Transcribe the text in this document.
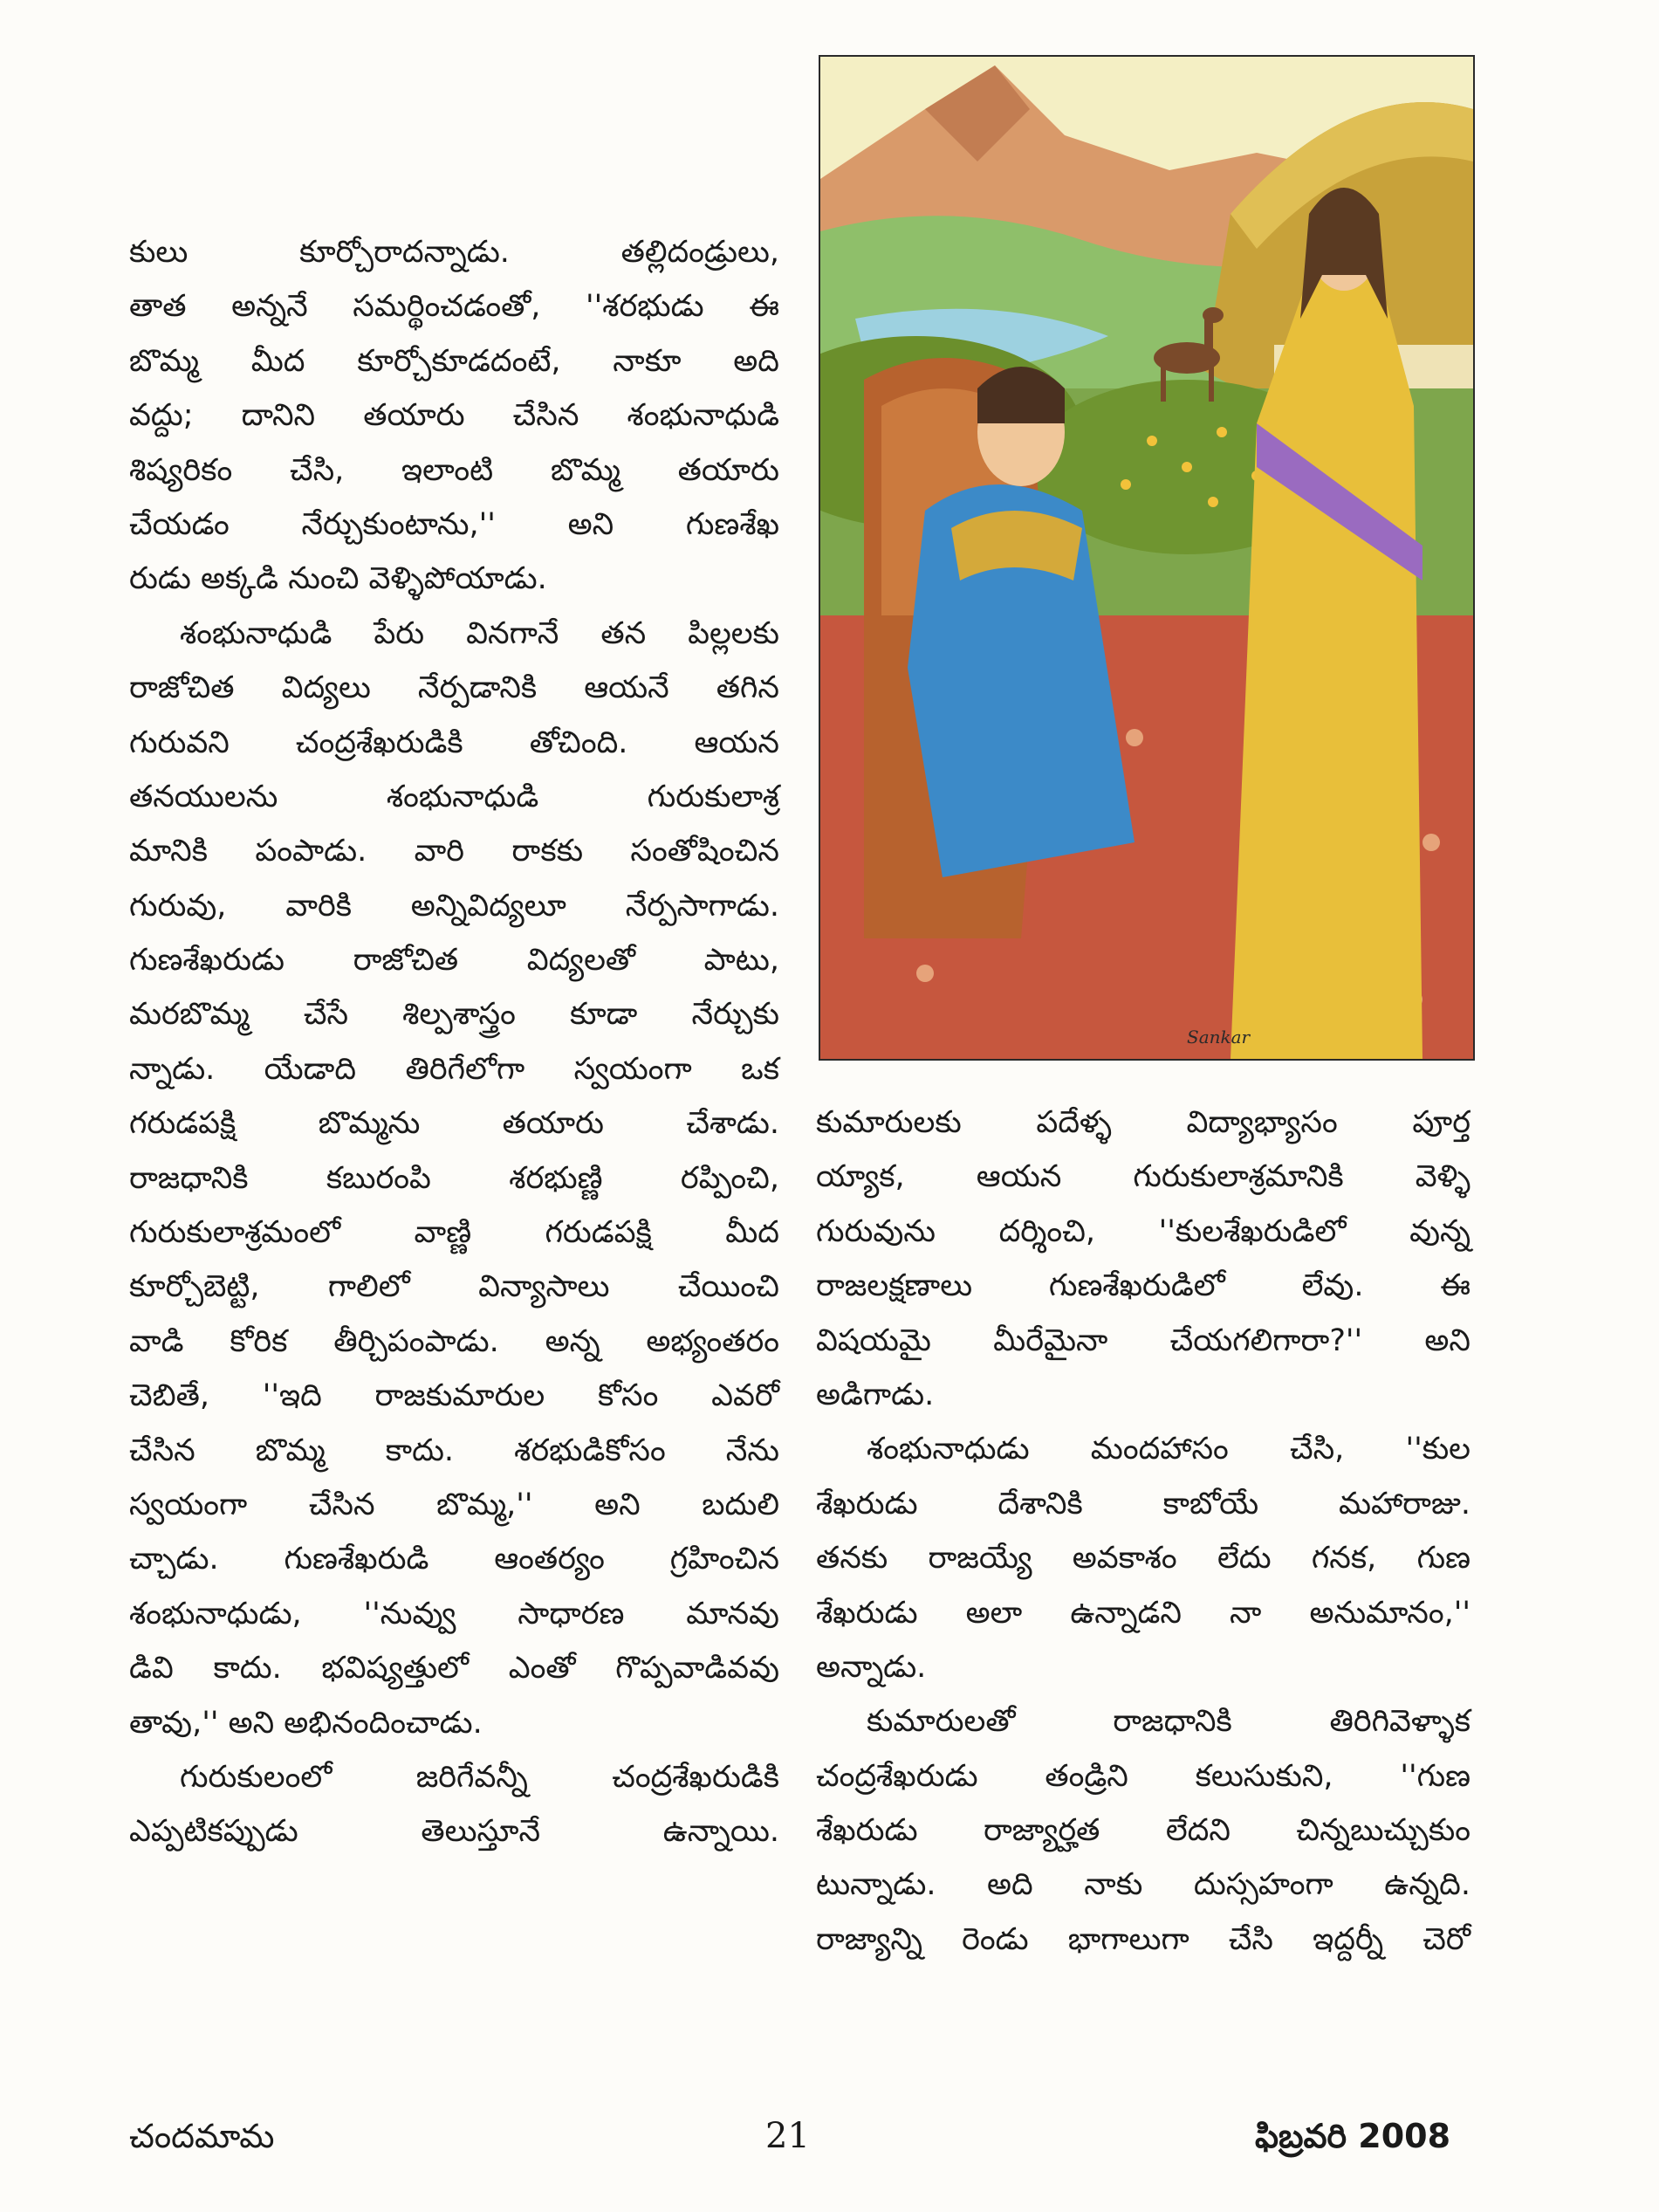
కులు కూర్చోరాదన్నాడు. తల్లిదండ్రులు,
తాత అన్ననే సమర్థించడంతో, ''శరభుడు ఈ
బొమ్మ మీద కూర్చోకూడదంటే, నాకూ అది
వద్దు; దానిని తయారు చేసిన శంభునాధుడి
శిష్యరికం చేసి, ఇలాంటి బొమ్మ తయారు
చేయడం నేర్చుకుంటాను,'' అని గుణశేఖ
రుడు అక్కడి నుంచి వెళ్ళిపోయాడు.
శంభునాధుడి పేరు వినగానే తన పిల్లలకు
రాజోచిత విద్యలు నేర్పడానికి ఆయనే తగిన
గురువని చంద్రశేఖరుడికి తోచింది. ఆయన
తనయులను శంభునాధుడి గురుకులాశ్ర
మానికి పంపాడు. వారి రాకకు సంతోషించిన
గురువు, వారికి అన్నివిద్యలూ నేర్పసాగాడు.
గుణశేఖరుడు రాజోచిత విద్యలతో పాటు,
మరబొమ్మ చేసే శిల్పశాస్త్రం కూడా నేర్చుకు
న్నాడు. యేడాది తిరిగేలోగా స్వయంగా ఒక
గరుడపక్షి బొమ్మను తయారు చేశాడు.
రాజధానికి కబురంపి శరభుణ్ణి రప్పించి,
గురుకులాశ్రమంలో వాణ్ణి గరుడపక్షి మీద
కూర్చోబెట్టి, గాలిలో విన్యాసాలు చేయించి
వాడి కోరిక తీర్చిపంపాడు. అన్న అభ్యంతరం
చెబితే, ''ఇది రాజకుమారుల కోసం ఎవరో
చేసిన బొమ్మ కాదు. శరభుడికోసం నేను
స్వయంగా చేసిన బొమ్మ,'' అని బదులి
చ్చాడు. గుణశేఖరుడి ఆంతర్యం గ్రహించిన
శంభునాధుడు, ''నువ్వు సాధారణ మానవు
డివి కాదు. భవిష్యత్తులో ఎంతో గొప్పవాడివవు
తావు,'' అని అభినందించాడు.
గురుకులంలో జరిగేవన్నీ చంద్రశేఖరుడికి
ఎప్పటికప్పుడు తెలుస్తూనే ఉన్నాయి.
Sankar
కుమారులకు పదేళ్ళ విద్యాభ్యాసం పూర్త
య్యాక, ఆయన గురుకులాశ్రమానికి వెళ్ళి
గురువును దర్శించి, ''కులశేఖరుడిలో వున్న
రాజలక్షణాలు గుణశేఖరుడిలో లేవు. ఈ
విషయమై మీరేమైనా చేయగలిగారా?'' అని
అడిగాడు.
శంభునాధుడు మందహాసం చేసి, ''కుల
శేఖరుడు దేశానికి కాబోయే మహారాజు.
తనకు రాజయ్యే అవకాశం లేదు గనక, గుణ
శేఖరుడు అలా ఉన్నాడని నా అనుమానం,''
అన్నాడు.
కుమారులతో రాజధానికి తిరిగివెళ్ళాక
చంద్రశేఖరుడు తండ్రిని కలుసుకుని, ''గుణ
శేఖరుడు రాజ్యార్హత లేదని చిన్నబుచ్చుకుం
టున్నాడు. అది నాకు దుస్సహంగా ఉన్నది.
రాజ్యాన్ని రెండు భాగాలుగా చేసి ఇద్దర్నీ చెరో
చందమామ	21	ఫిబ్రవరి 2008
